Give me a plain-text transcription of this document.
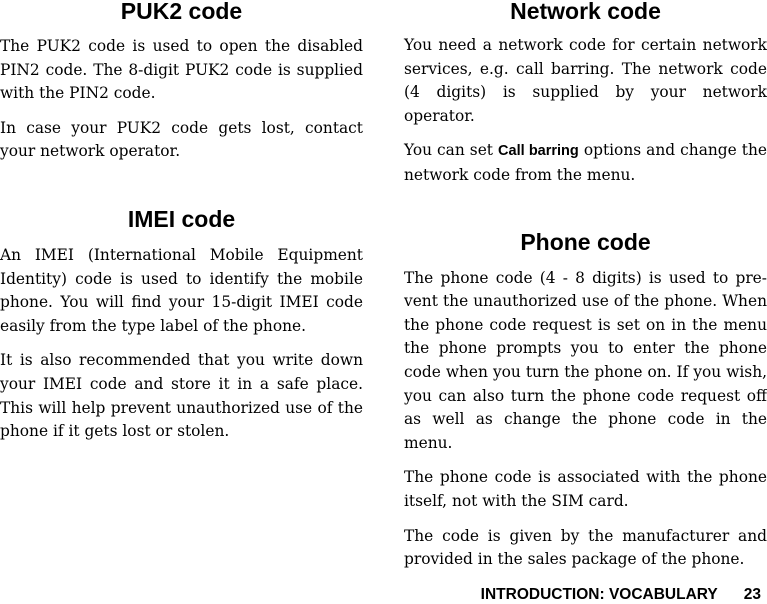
PUK2 code

The PUK2 code is used to open the disabled PIN2 code. The 8-digit PUK2 code is supplied with the PIN2 code.

In case your PUK2 code gets lost, contact your network operator.

IMEI code

An IMEI (International Mobile Equipment Identity) code is used to identify the mobile phone. You will find your 15-digit IMEI code easily from the type label of the phone.

It is also recommended that you write down your IMEI code and store it in a safe place. This will help prevent unauthorized use of the phone if it gets lost or stolen.

Network code

You need a network code for certain network services, e.g. call barring. The network code (4 digits) is supplied by your network operator.

You can set Call barring options and change the network code from the menu.

Phone code

The phone code (4 - 8 digits) is used to prevent the unauthorized use of the phone. When the phone code request is set on in the menu the phone prompts you to enter the phone code when you turn the phone on. If you wish, you can also turn the phone code request off as well as change the phone code in the menu.

The phone code is associated with the phone itself, not with the SIM card.

The code is given by the manufacturer and provided in the sales package of the phone.

INTRODUCTION: VOCABULARY 23
